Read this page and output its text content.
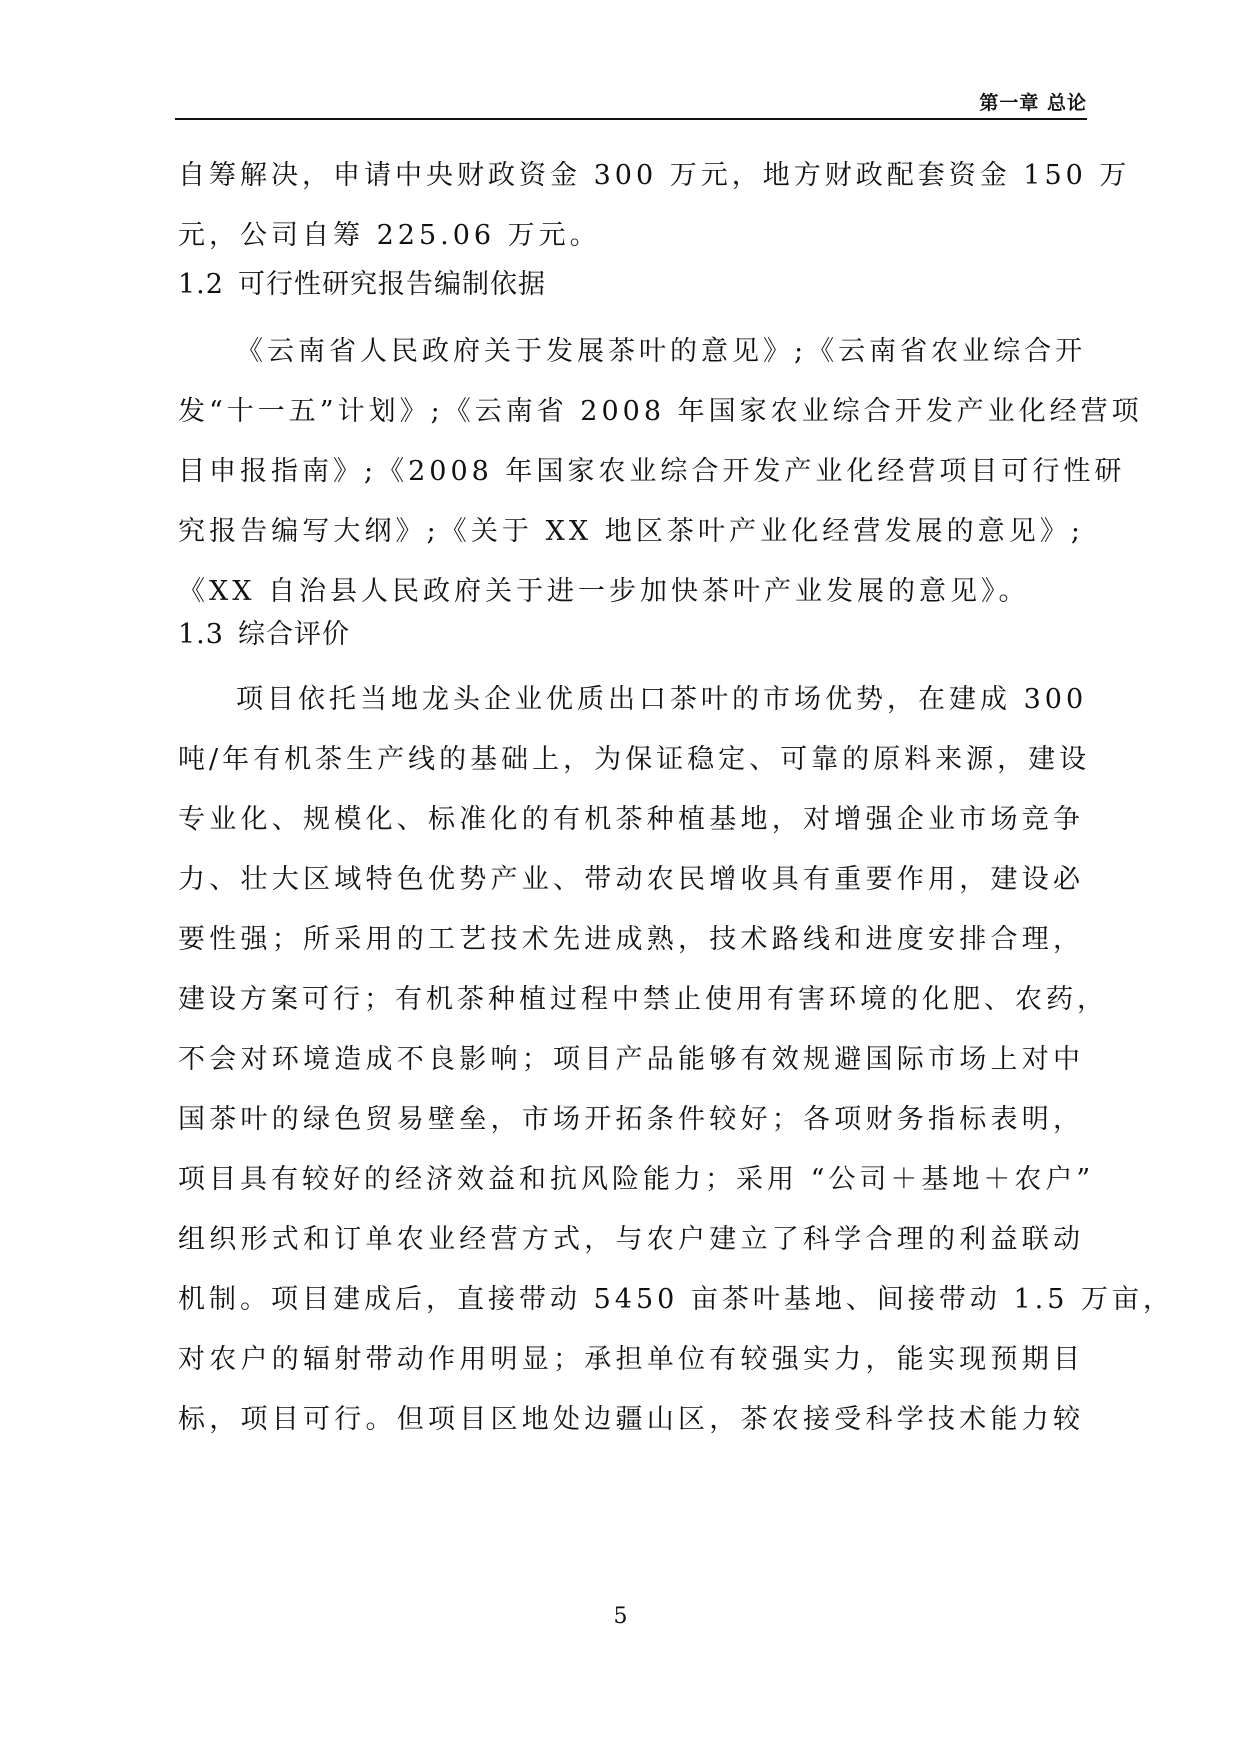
第一章 总论
自筹解决，申请中央财政资金 300 万元，地方财政配套资金 150 万
元，公司自筹 225.06 万元。
1.2 可行性研究报告编制依据
《云南省人民政府关于发展茶叶的意见》;《云南省农业综合开
发“十一五”计划》;《云南省 2008 年国家农业综合开发产业化经营项
目申报指南》;《2008 年国家农业综合开发产业化经营项目可行性研
究报告编写大纲》;《关于 XX 地区茶叶产业化经营发展的意见》;
《XX 自治县人民政府关于进一步加快茶叶产业发展的意见》。
1.3 综合评价
项目依托当地龙头企业优质出口茶叶的市场优势，在建成 300
吨/年有机茶生产线的基础上，为保证稳定、可靠的原料来源，建设
专业化、规模化、标准化的有机茶种植基地，对增强企业市场竞争
力、壮大区域特色优势产业、带动农民增收具有重要作用，建设必
要性强；所采用的工艺技术先进成熟，技术路线和进度安排合理，
建设方案可行；有机茶种植过程中禁止使用有害环境的化肥、农药，
不会对环境造成不良影响；项目产品能够有效规避国际市场上对中
国茶叶的绿色贸易壁垒，市场开拓条件较好；各项财务指标表明，
项目具有较好的经济效益和抗风险能力；采用 “公司＋基地＋农户”
组织形式和订单农业经营方式，与农户建立了科学合理的利益联动
机制。项目建成后，直接带动 5450 亩茶叶基地、间接带动 1.5 万亩，
对农户的辐射带动作用明显；承担单位有较强实力，能实现预期目
标，项目可行。但项目区地处边疆山区，茶农接受科学技术能力较
5
